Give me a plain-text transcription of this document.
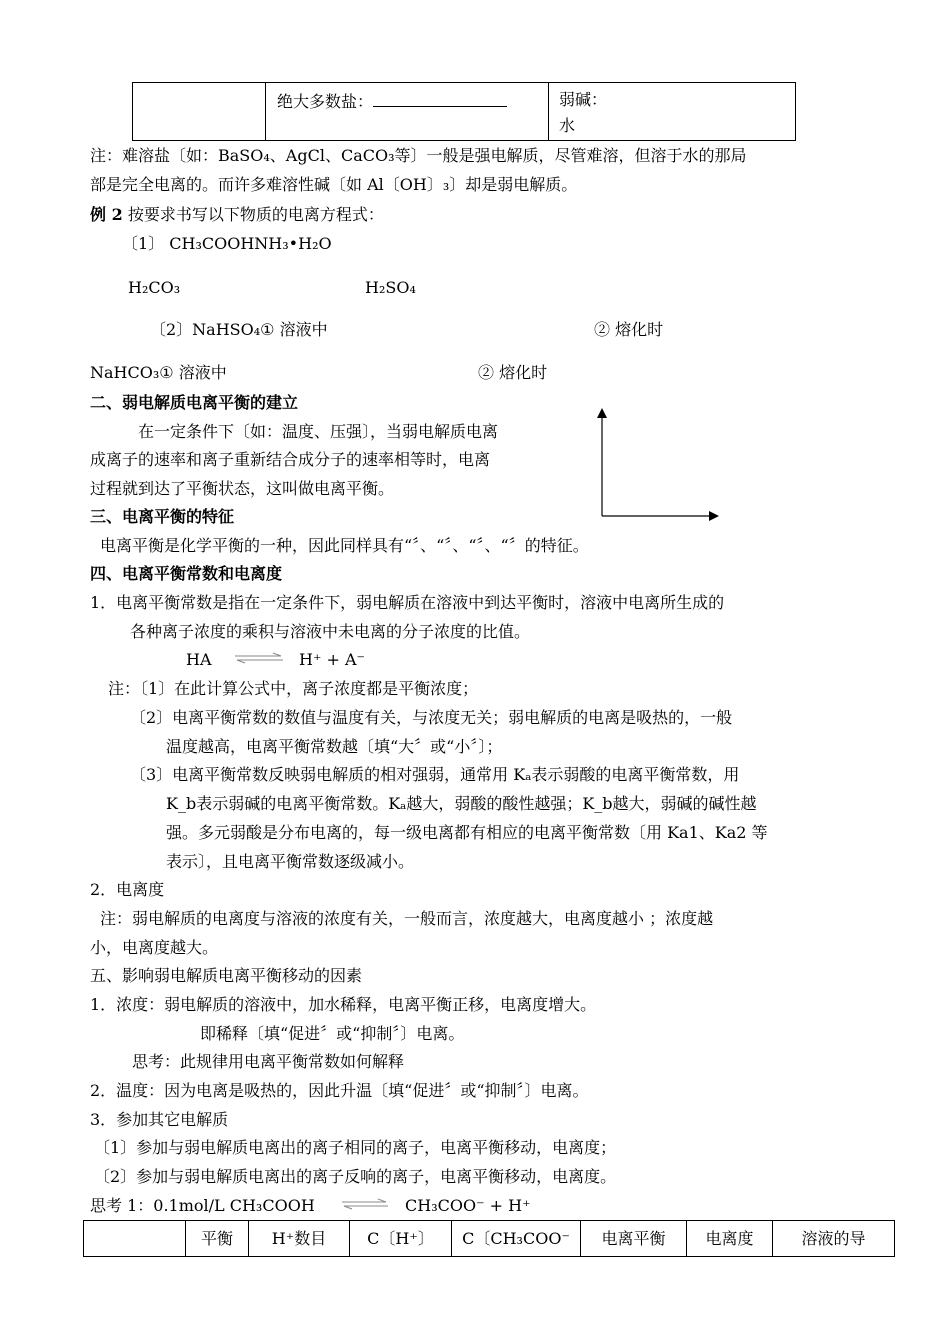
绝大多数盐：	弱碱：
水
注：难溶盐〔如：BaSO₄、AgCl、CaCO₃等〕一般是强电解质，尽管难溶，但溶于水的那局
部是完全电离的。而许多难溶性碱〔如 Al〔OH〕₃〕却是弱电解质。
例 2 按要求书写以下物质的电离方程式：
〔1〕 CH₃COOHNH₃•H₂O
H₂CO₃	H₂SO₄
〔2〕NaHSO₄① 溶液中	② 熔化时
NaHCO₃① 溶液中	② 熔化时
二、弱电解质电离平衡的建立
在一定条件下〔如：温度、压强〕，当弱电解质电离
成离子的速率和离子重新结合成分子的速率相等时，电离
过程就到达了平衡状态，这叫做电离平衡。
三、电离平衡的特征
电离平衡是化学平衡的一种，因此同样具有“〞、“〞、“〞、“〞的特征。
四、电离平衡常数和电离度
1．电离平衡常数是指在一定条件下，弱电解质在溶液中到达平衡时，溶液中电离所生成的
各种离子浓度的乘积与溶液中未电离的分子浓度的比值。
HA ⇌ H⁺ + A⁻
注：〔1〕在此计算公式中，离子浓度都是平衡浓度；
〔2〕电离平衡常数的数值与温度有关，与浓度无关；弱电解质的电离是吸热的，一般
温度越高，电离平衡常数越〔填“大〞或“小〞〕；
〔3〕电离平衡常数反映弱电解质的相对强弱，通常用 Kₐ表示弱酸的电离平衡常数，用
K_b表示弱碱的电离平衡常数。Kₐ越大，弱酸的酸性越强；K_b越大，弱碱的碱性越
强。多元弱酸是分布电离的，每一级电离都有相应的电离平衡常数〔用 Ka1、Ka2 等
表示〕，且电离平衡常数逐级减小。
2．电离度
注：弱电解质的电离度与溶液的浓度有关，一般而言，浓度越大，电离度越小 ；浓度越
小，电离度越大。
五、影响弱电解质电离平衡移动的因素
1．浓度：弱电解质的溶液中，加水稀释，电离平衡正移，电离度增大。
即稀释〔填“促进〞或“抑制〞〕电离。
思考：此规律用电离平衡常数如何解释
2．温度：因为电离是吸热的，因此升温〔填“促进〞或“抑制〞〕电离。
3．参加其它电解质
〔1〕参加与弱电解质电离出的离子相同的离子，电离平衡移动，电离度；
〔2〕参加与弱电解质电离出的离子反响的离子，电离平衡移动，电离度。
思考 1：0.1mol/L CH₃COOH ⇌ CH₃COO⁻ + H⁺
	平衡	H⁺数目	C〔H⁺〕	C〔CH₃COO⁻	电离平衡	电离度	溶液的导
